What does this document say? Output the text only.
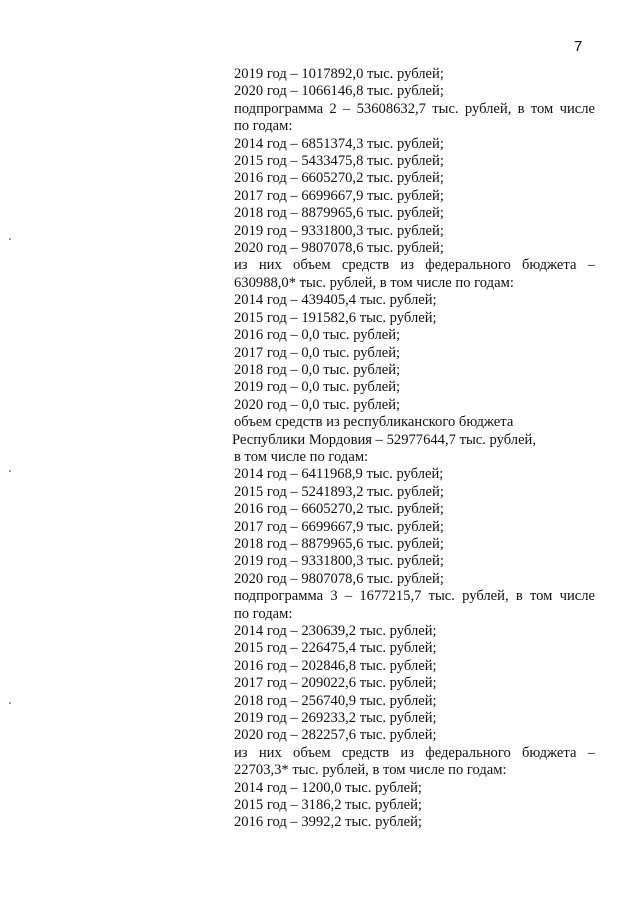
7
2019 год – 1017892,0 тыс. рублей;
2020 год – 1066146,8 тыс. рублей;
подпрограмма 2 – 53608632,7 тыс. рублей, в том числе
по годам:
2014 год – 6851374,3 тыс. рублей;
2015 год – 5433475,8 тыс. рублей;
2016 год – 6605270,2 тыс. рублей;
2017 год – 6699667,9 тыс. рублей;
2018 год – 8879965,6 тыс. рублей;
2019 год – 9331800,3 тыс. рублей;
2020 год – 9807078,6 тыс. рублей;
из них объем средств из федерального бюджета –
630988,0* тыс. рублей, в том числе по годам:
2014 год – 439405,4 тыс. рублей;
2015 год – 191582,6 тыс. рублей;
2016 год – 0,0 тыс. рублей;
2017 год – 0,0 тыс. рублей;
2018 год – 0,0 тыс. рублей;
2019 год – 0,0 тыс. рублей;
2020 год – 0,0 тыс. рублей;
объем средств из республиканского бюджета
Республики Мордовия – 52977644,7 тыс. рублей,
в том числе по годам:
2014 год – 6411968,9 тыс. рублей;
2015 год – 5241893,2 тыс. рублей;
2016 год – 6605270,2 тыс. рублей;
2017 год – 6699667,9 тыс. рублей;
2018 год – 8879965,6 тыс. рублей;
2019 год – 9331800,3 тыс. рублей;
2020 год – 9807078,6 тыс. рублей;
подпрограмма 3 – 1677215,7 тыс. рублей, в том числе
по годам:
2014 год – 230639,2 тыс. рублей;
2015 год – 226475,4 тыс. рублей;
2016 год – 202846,8 тыс. рублей;
2017 год – 209022,6 тыс. рублей;
2018 год – 256740,9 тыс. рублей;
2019 год – 269233,2 тыс. рублей;
2020 год – 282257,6 тыс. рублей;
из них объем средств из федерального бюджета –
22703,3* тыс. рублей, в том числе по годам:
2014 год – 1200,0 тыс. рублей;
2015 год – 3186,2 тыс. рублей;
2016 год – 3992,2 тыс. рублей;
